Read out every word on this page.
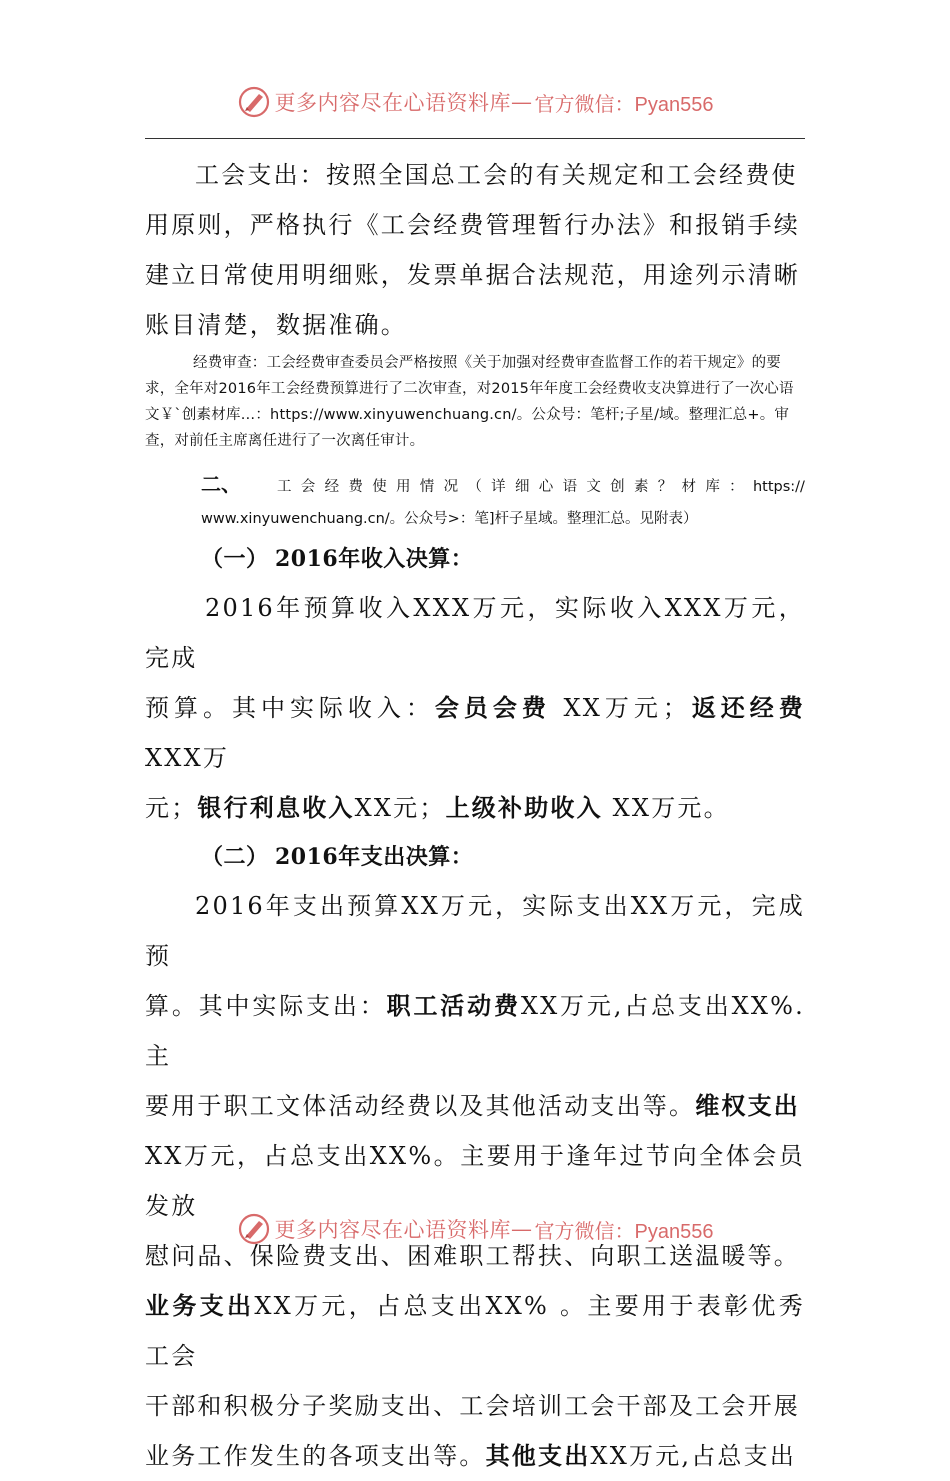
更多内容尽在心语资料库 — 官方微信：Pyan556

工会支出：按照全国总工会的有关规定和工会经费使

用原则，严格执行《工会经费管理暂行办法》和报销手续

建立日常使用明细账，发票单据合法规范，用途列示清晰

账目清楚，数据准确。

经费审查：工会经费审查委员会严格按照《关于加强对经费审查监督工作的若干规定》的要求，全年对2016年工会经费预算进行了二次审查，对2015年年度工会经费收支决算进行了一次心语文￥`创素材库…：https://www.xinyuwenchuang.cn/。公众号：笔杆;子星/域。整理汇总+。审查，对前任主席离任进行了一次离任审计。

二、	工 会 经 费 使 用 情 况 （ 详 细 心 语 文 创 素 ？ 材 库 ： https://
www.xinyuwenchuang.cn/。公众号>：笔]杆子星域。整理汇总。见附表）

（一） 2016年收入决算：

2016年预算收入XXX万元，实际收入XXX万元，完成

预算。其中实际收入：会员会费 XX万元；返还经费 XXX万

元；银行利息收入XX元；上级补助收入 XX万元。

（二） 2016年支出决算：

2016年支出预算XX万元，实际支出XX万元，完成预

算。其中实际支出：职工活动费XX万元,占总支出XX%.主

要用于职工文体活动经费以及其他活动支出等。维权支出

XX万元，占总支出XX%。主要用于逢年过节向全体会员发放

慰问品、保险费支出、困难职工帮扶、向职工送温暖等。

业务支出XX万元，占总支出XX% 。主要用于表彰优秀工会

干部和积极分子奖励支出、工会培训工会干部及工会开展

业务工作发生的各项支出等。其他支出XX万元,占总支出

更多内容尽在心语资料库 — 官方微信：Pyan556
